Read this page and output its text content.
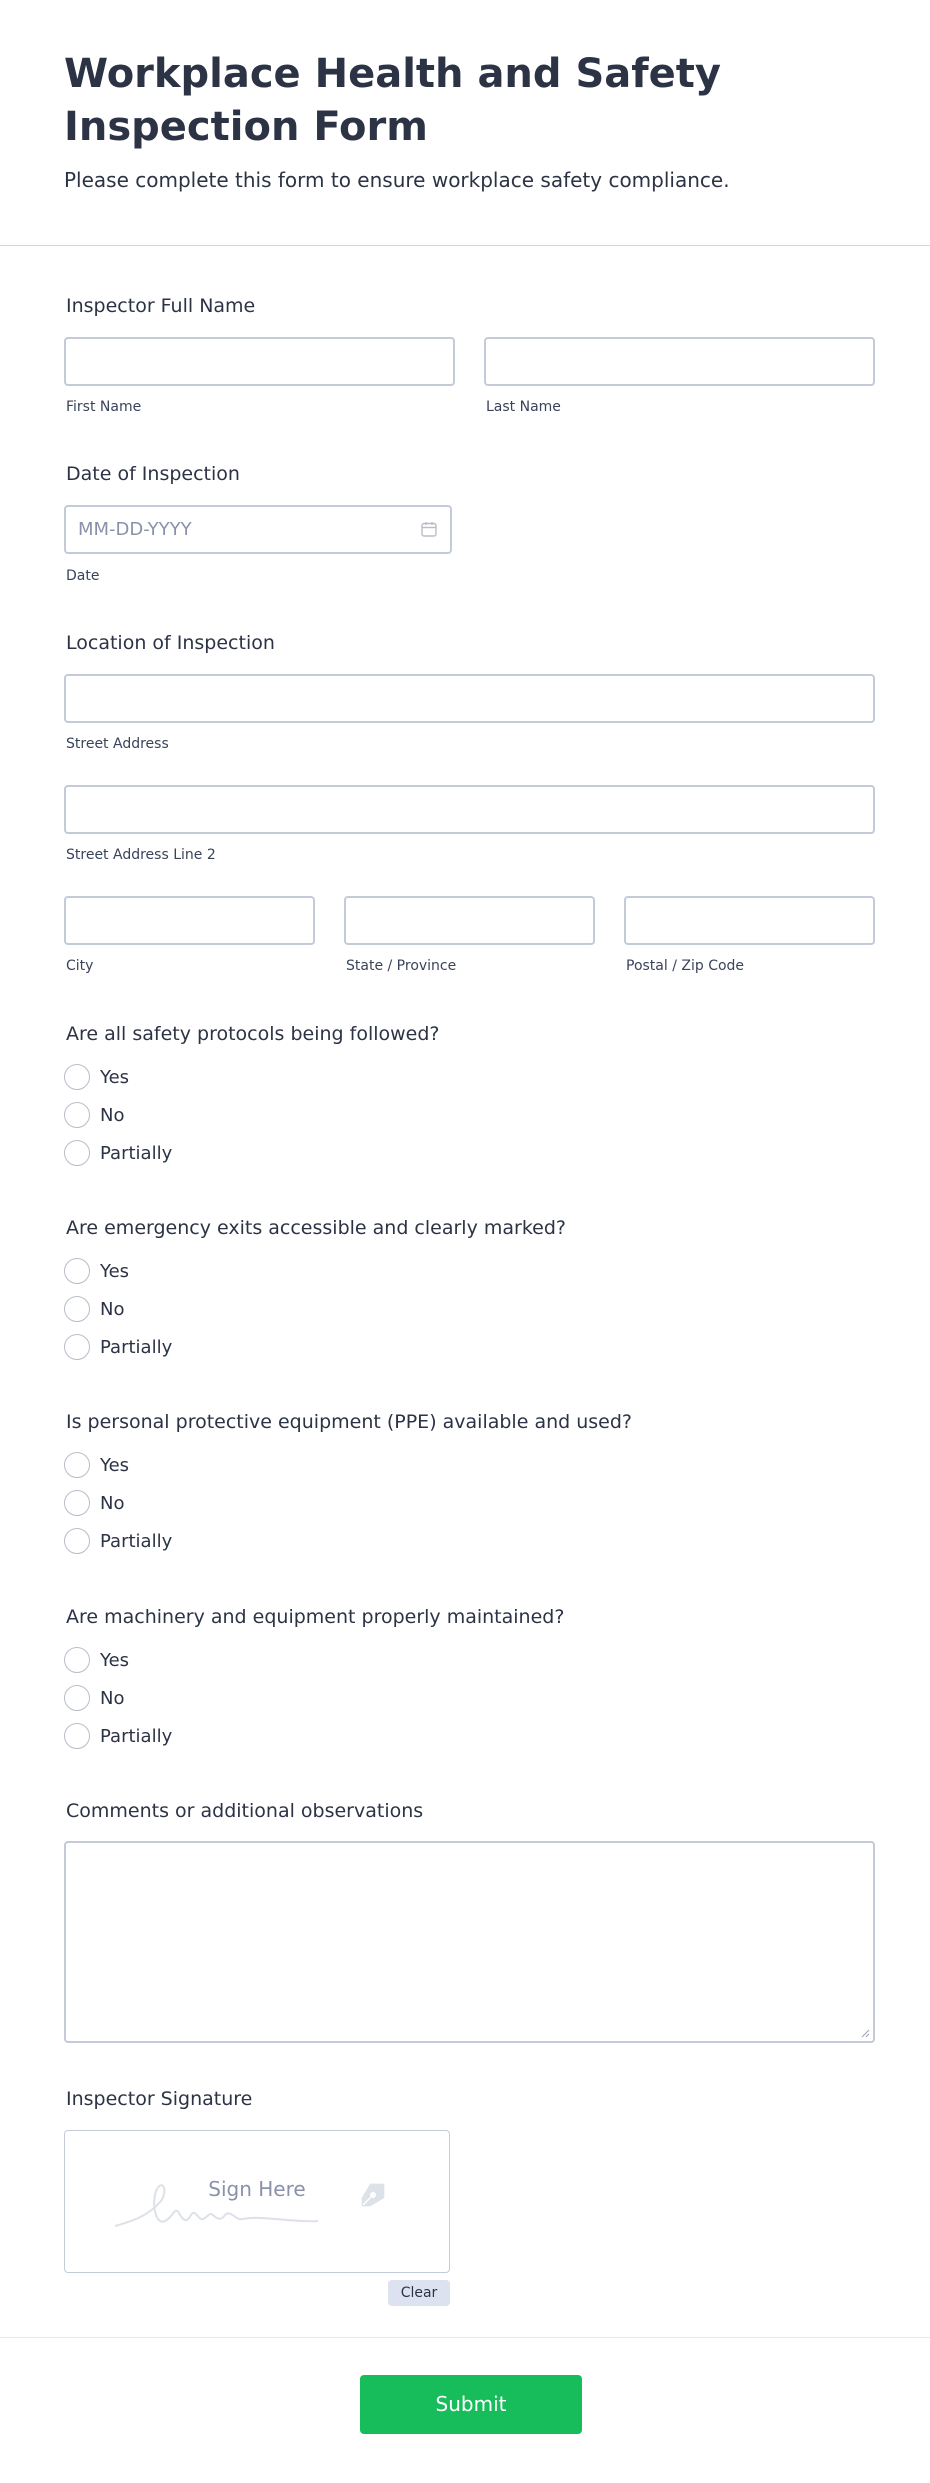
Workplace Health and Safety Inspection Form
Please complete this form to ensure workplace safety compliance.
Inspector Full Name
First Name	Last Name
Date of Inspection
MM-DD-YYYY
Date
Location of Inspection
Street Address
Street Address Line 2
City	State / Province	Postal / Zip Code
Are all safety protocols being followed?
Yes
No
Partially
Are emergency exits accessible and clearly marked?
Yes
No
Partially
Is personal protective equipment (PPE) available and used?
Yes
No
Partially
Are machinery and equipment properly maintained?
Yes
No
Partially
Comments or additional observations
Inspector Signature
Sign Here
Clear
Submit
